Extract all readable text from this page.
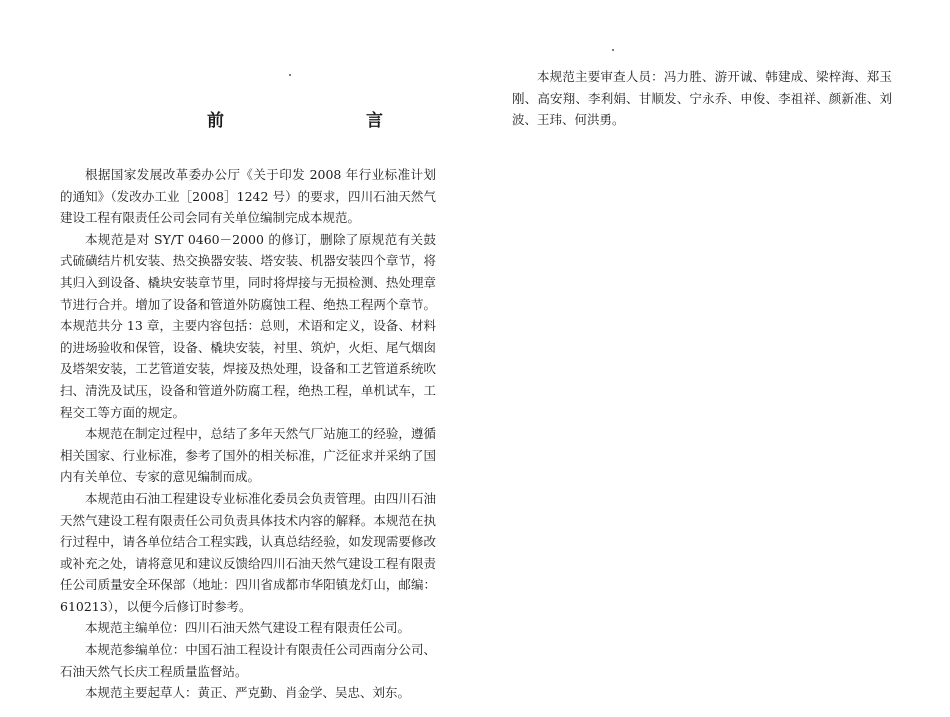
前　　言

根据国家发展改革委办公厅《关于印发 2008 年行业标准计划的通知》（发改办工业［2008］1242 号）的要求，四川石油天然气建设工程有限责任公司会同有关单位编制完成本规范。

本规范是对 SY/T 0460－2000 的修订，删除了原规范有关鼓式硫磺结片机安装、热交换器安装、塔安装、机器安装四个章节，将其归入到设备、橇块安装章节里，同时将焊接与无损检测、热处理章节进行合并。增加了设备和管道外防腐蚀工程、绝热工程两个章节。本规范共分 13 章，主要内容包括：总则，术语和定义，设备、材料的进场验收和保管，设备、橇块安装，衬里、筑炉，火炬、尾气烟囱及塔架安装，工艺管道安装，焊接及热处理，设备和工艺管道系统吹扫、清洗及试压，设备和管道外防腐工程，绝热工程，单机试车，工程交工等方面的规定。

本规范在制定过程中，总结了多年天然气厂站施工的经验，遵循相关国家、行业标准，参考了国外的相关标准，广泛征求并采纳了国内有关单位、专家的意见编制而成。

本规范由石油工程建设专业标准化委员会负责管理。由四川石油天然气建设工程有限责任公司负责具体技术内容的解释。本规范在执行过程中，请各单位结合工程实践，认真总结经验，如发现需要修改或补充之处，请将意见和建议反馈给四川石油天然气建设工程有限责任公司质量安全环保部（地址：四川省成都市华阳镇龙灯山，邮编：610213），以便今后修订时参考。

本规范主编单位：四川石油天然气建设工程有限责任公司。

本规范参编单位：中国石油工程设计有限责任公司西南分公司、石油天然气长庆工程质量监督站。

本规范主要起草人：黄正、严克勤、肖金学、吴忠、刘东。

本规范主要审查人员：冯力胜、游开诚、韩建成、梁梓海、郑玉刚、高安翔、李利娟、甘顺发、宁永乔、申俊、李祖祥、颜新准、刘波、王玮、何洪勇。
